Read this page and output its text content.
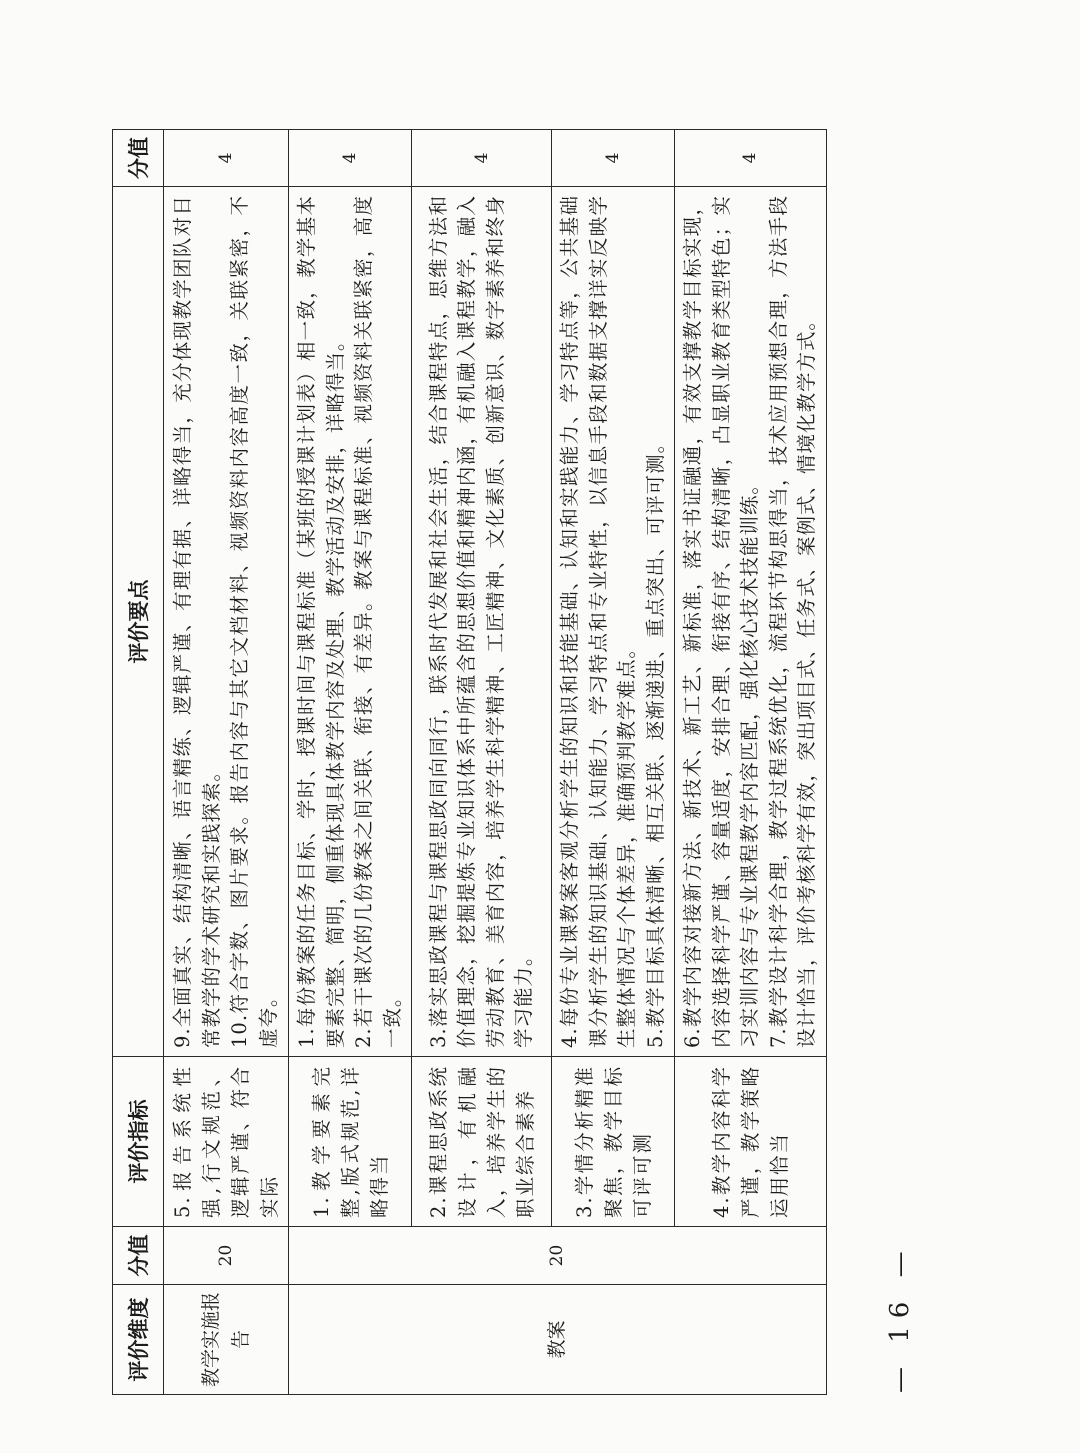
评价维度	分值	评价指标	评价要点	分值
教学实施报告	20	5.报告系统性强,行文规范、逻辑严谨、符合实际	9.全面真实、结构清晰、语言精练、逻辑严谨、有理有据、详略得当，充分体现教学团队对日常教学的学术研究和实践探索。 10.符合字数、图片要求。报告内容与其它文档材料、视频资料内容高度一致，关联紧密，不虚夸。	4
教案	20	1.教学要素完整,版式规范,详略得当	1.每份教案的任务目标、学时、授课时间与课程标准（某班的授课计划表）相一致，教学基本要素完整、简明，侧重体现具体教学内容及处理、教学活动及安排，详略得当。 2.若干课次的几份教案之间关联、衔接、有差异。教案与课程标准、视频资料关联紧密，高度一致。	4
		2.课程思政系统设计，有机融入，培养学生的职业综合素养	3.落实思政课程与课程思政同向同行，联系时代发展和社会生活，结合课程特点，思维方法和价值理念，挖掘提炼专业知识体系中所蕴含的思想价值和精神内涵，有机融入课程教学，融入劳动教育、美育内容，培养学生科学精神、工匠精神、文化素质、创新意识、数字素养和终身学习能力。	4
		3.学情分析精准聚焦，教学目标可评可测	4.每份专业课教案客观分析学生的知识和技能基础、认知和实践能力、学习特点等，公共基础课分析学生的知识基础、认知能力、学习特点和专业特性，以信息手段和数据支撑详实反映学生整体情况与个体差异，准确预判教学难点。 5.教学目标具体清晰、相互关联、逐渐递进、重点突出、可评可测。	4
		4.教学内容科学严谨，教学策略运用恰当	6.教学内容对接新方法、新技术、新工艺、新标准，落实书证融通，有效支撑教学目标实现，内容选择科学严谨、容量适度，安排合理、衔接有序、结构清晰，凸显职业教育类型特色；实习实训内容与专业课程教学内容匹配，强化核心技术技能训练。 7.教学设计科学合理，教学过程系统优化，流程环节构思得当，技术应用预想合理，方法手段设计恰当，评价考核科学有效，突出项目式、任务式、案例式、情境化教学方式。	4
— 16 —
